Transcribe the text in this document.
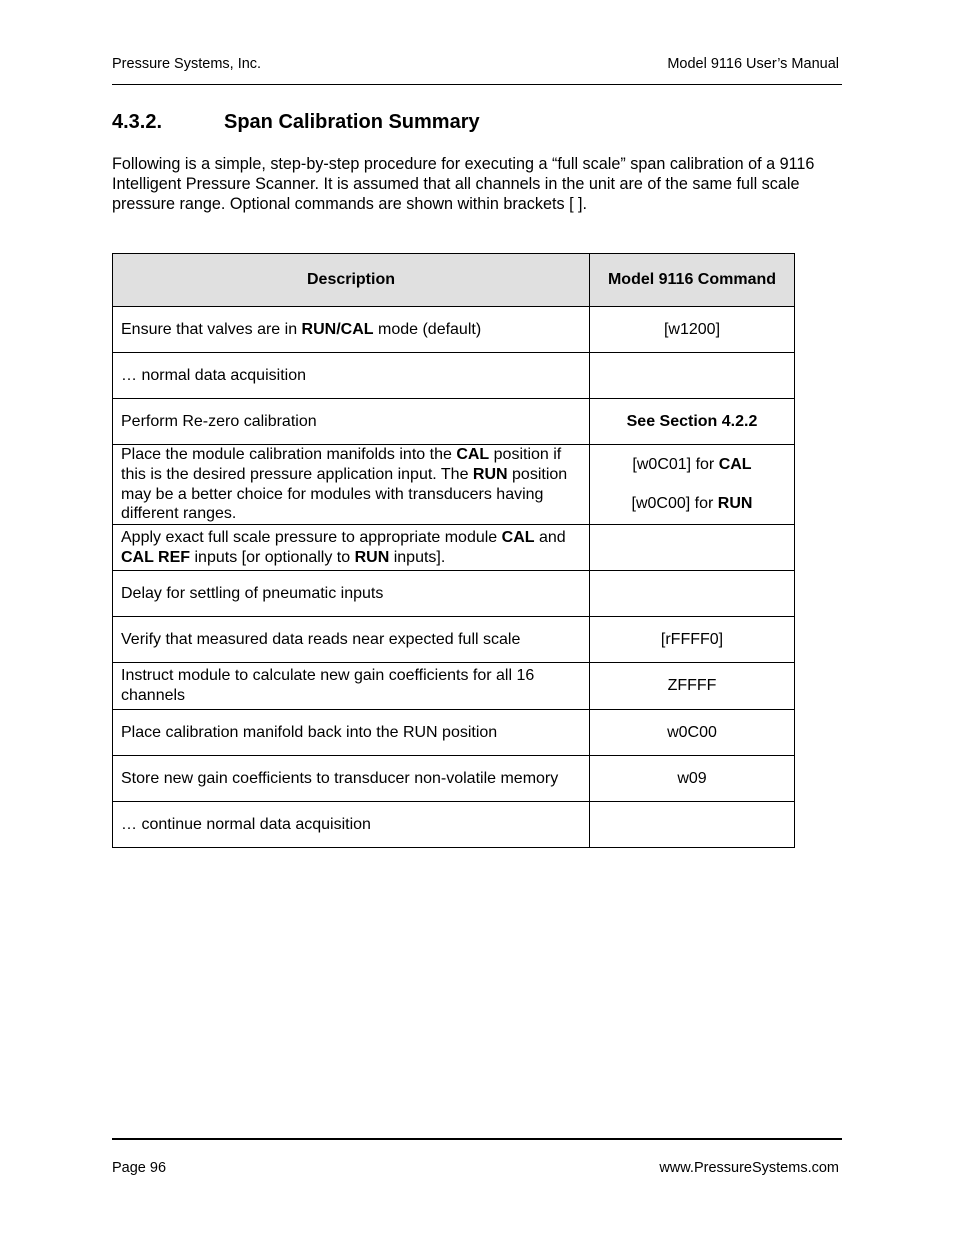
Pressure Systems, Inc.	Model 9116 User’s Manual
4.3.2.	Span Calibration Summary

Following is a simple, step-by-step procedure for executing a “full scale” span calibration of a 9116 Intelligent Pressure Scanner. It is assumed that all channels in the unit are of the same full scale pressure range. Optional commands are shown within brackets [ ].

Description	Model 9116 Command
Ensure that valves are in RUN/CAL mode (default)	[w1200]

… normal data acquisition	
Perform Re-zero calibration	See Section 4.2.2

Place the module calibration manifolds into the CAL position if this is the desired pressure application input. The RUN position may be a better choice for modules with transducers having different ranges.	[w0C01] for CAL
[w0C00] for RUN

Apply exact full scale pressure to appropriate module CAL and CAL REF inputs [or optionally to RUN inputs].	
Delay for settling of pneumatic inputs	
Verify that measured data reads near expected full scale	[rFFFF0]

Instruct module to calculate new gain coefficients for all 16 channels	ZFFFF

Place calibration manifold back into the RUN position	w0C00

Store new gain coefficients to transducer non-volatile memory	w09

… continue normal data acquisition	
Page 96	www.PressureSystems.com
